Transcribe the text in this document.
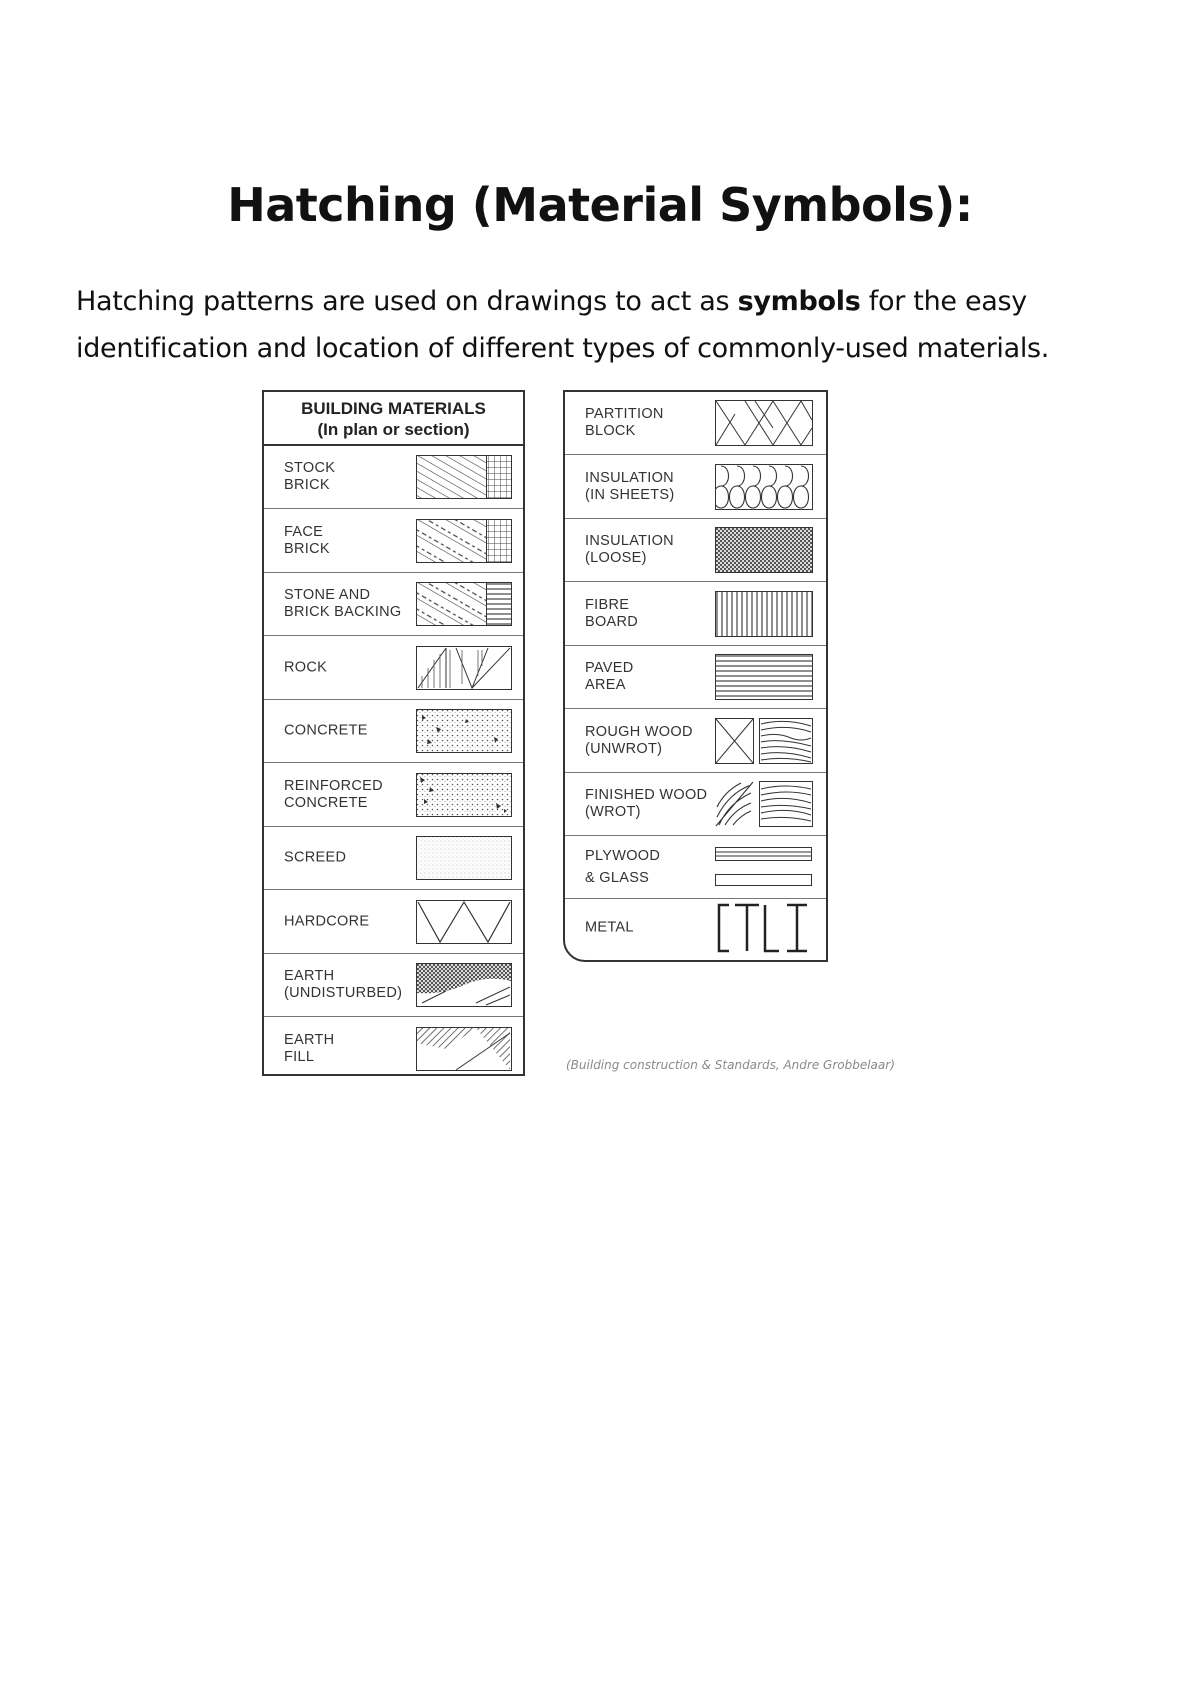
Hatching (Material Symbols):

Hatching patterns are used on drawings to act as symbols for the easy identification and location of different types of commonly-used materials.

BUILDING MATERIALS
(In plan or section)
STOCK
BRICK
FACE
BRICK
STONE AND
BRICK BACKING
ROCK
CONCRETE
REINFORCED
CONCRETE
SCREED
HARDCORE
EARTH
(UNDISTURBED)
EARTH
FILL
PARTITION
BLOCK
INSULATION
(IN SHEETS)
INSULATION
(LOOSE)
FIBRE
BOARD
PAVED
AREA
ROUGH WOOD
(UNWROT)
FINISHED WOOD
(WROT)
PLYWOOD
& GLASS
METAL

(Building construction & Standards, Andre Grobbelaar)
